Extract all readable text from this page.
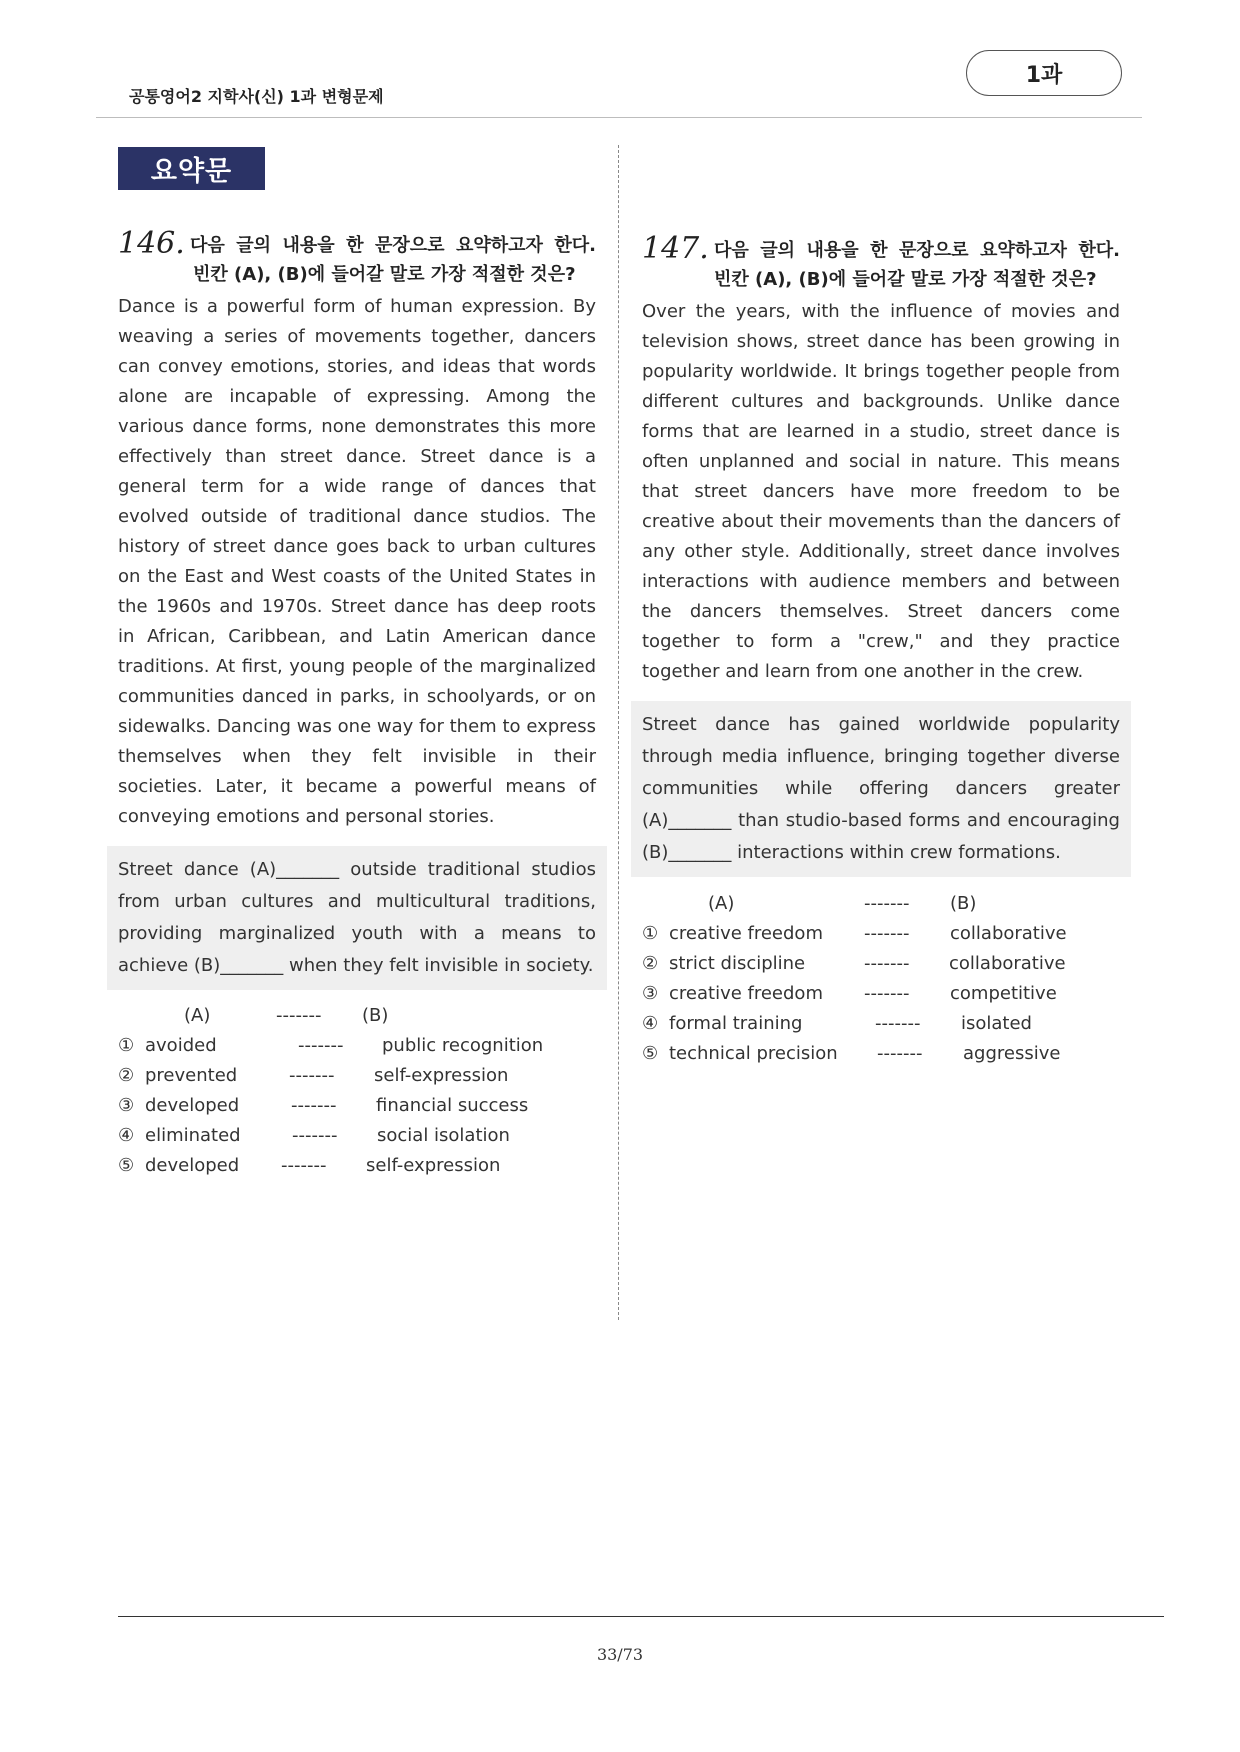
공통영어2 지학사(신) 1과 변형문제
1과
요약문
146. 다음 글의 내용을 한 문장으로 요약하고자 한다.
빈칸 (A), (B)에 들어갈 말로 가장 적절한 것은?

Dance is a powerful form of human expression. By weaving a series of movements together, dancers can convey emotions, stories, and ideas that words alone are incapable of expressing. Among the various dance forms, none demonstrates this more effectively than street dance. Street dance is a general term for a wide range of dances that evolved outside of traditional dance studios. The history of street dance goes back to urban cultures on the East and West coasts of the United States in the 1960s and 1970s. Street dance has deep roots in African, Caribbean, and Latin American dance traditions. At first, young people of the marginalized communities danced in parks, in schoolyards, or on sidewalks. Dancing was one way for them to express themselves when they felt invisible in their societies. Later, it became a powerful means of conveying emotions and personal stories.

Street dance (A)_______ outside traditional studios from urban cultures and multicultural traditions, providing marginalized youth with a means to achieve (B)_______ when they felt invisible in society.
(A)	------- (B)
① avoided	------- public recognition
② prevented	------- self-expression
③ developed	------- financial success
④ eliminated	------- social isolation
⑤ developed ------- self-expression
147. 다음 글의 내용을 한 문장으로 요약하고자 한다.
빈칸 (A), (B)에 들어갈 말로 가장 적절한 것은?

Over the years, with the influence of movies and television shows, street dance has been growing in popularity worldwide. It brings together people from different cultures and backgrounds. Unlike dance forms that are learned in a studio, street dance is often unplanned and social in nature. This means that street dancers have more freedom to be creative about their movements than the dancers of any other style. Additionally, street dance involves interactions with audience members and between the dancers themselves. Street dancers come together to form a "crew," and they practice together and learn from one another in the crew.

Street dance has gained worldwide popularity through media influence, bringing together diverse communities while offering dancers greater (A)_______ than studio-based forms and encouraging (B)_______ interactions within crew formations.
(A)	------- (B)
① creative freedom ------- collaborative
② strict discipline	------- collaborative
③ creative freedom ------- competitive
④ formal training	------- isolated
⑤ technical precision ------- aggressive
33/73
